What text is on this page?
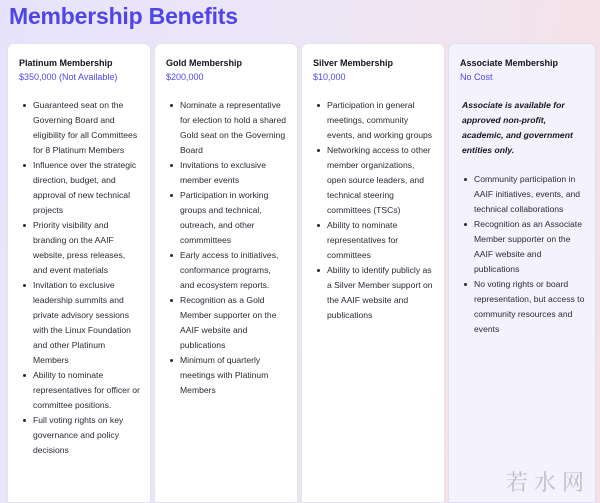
Membership Benefits
Platinum Membership
$350,000 (Not Available)
Guaranteed seat on the Governing Board and eligibility for all Committees for 8 Platinum Members
Influence over the strategic direction, budget, and approval of new technical projects
Priority visibility and branding on the AAIF website, press releases, and event materials
Invitation to exclusive leadership summits and private advisory sessions with the Linux Foundation and other Platinum Members
Ability to nominate representatives for officer or committee positions.
Full voting rights on key governance and policy decisions
Gold Membership
$200,000
Nominate a representative for election to hold a shared Gold seat on the Governing Board
Invitations to exclusive member events
Participation in working groups and technical, outreach, and other commmittees
Early access to initiatives, conformance programs, and ecosystem reports.
Recognition as a Gold Member supporter on the AAIF website and publications
Minimum of quarterly meetings with Platinum Members
Silver Membership
$10,000
Participation in general meetings, community events, and working groups
Networking access to other member organizations, open source leaders, and technical steering committees (TSCs)
Ability to nominate representatives for committees
Ability to identify publicly as a Silver Member support on the AAIF website and publications
Associate Membership
No Cost
Associate is available for approved non-profit, academic, and government entities only.
Community participation in AAIF initiatives, events, and technical collaborations
Recognition as an Associate Member supporter on the AAIF website and publications
No voting rights or board representation, but access to community resources and events
若水网
